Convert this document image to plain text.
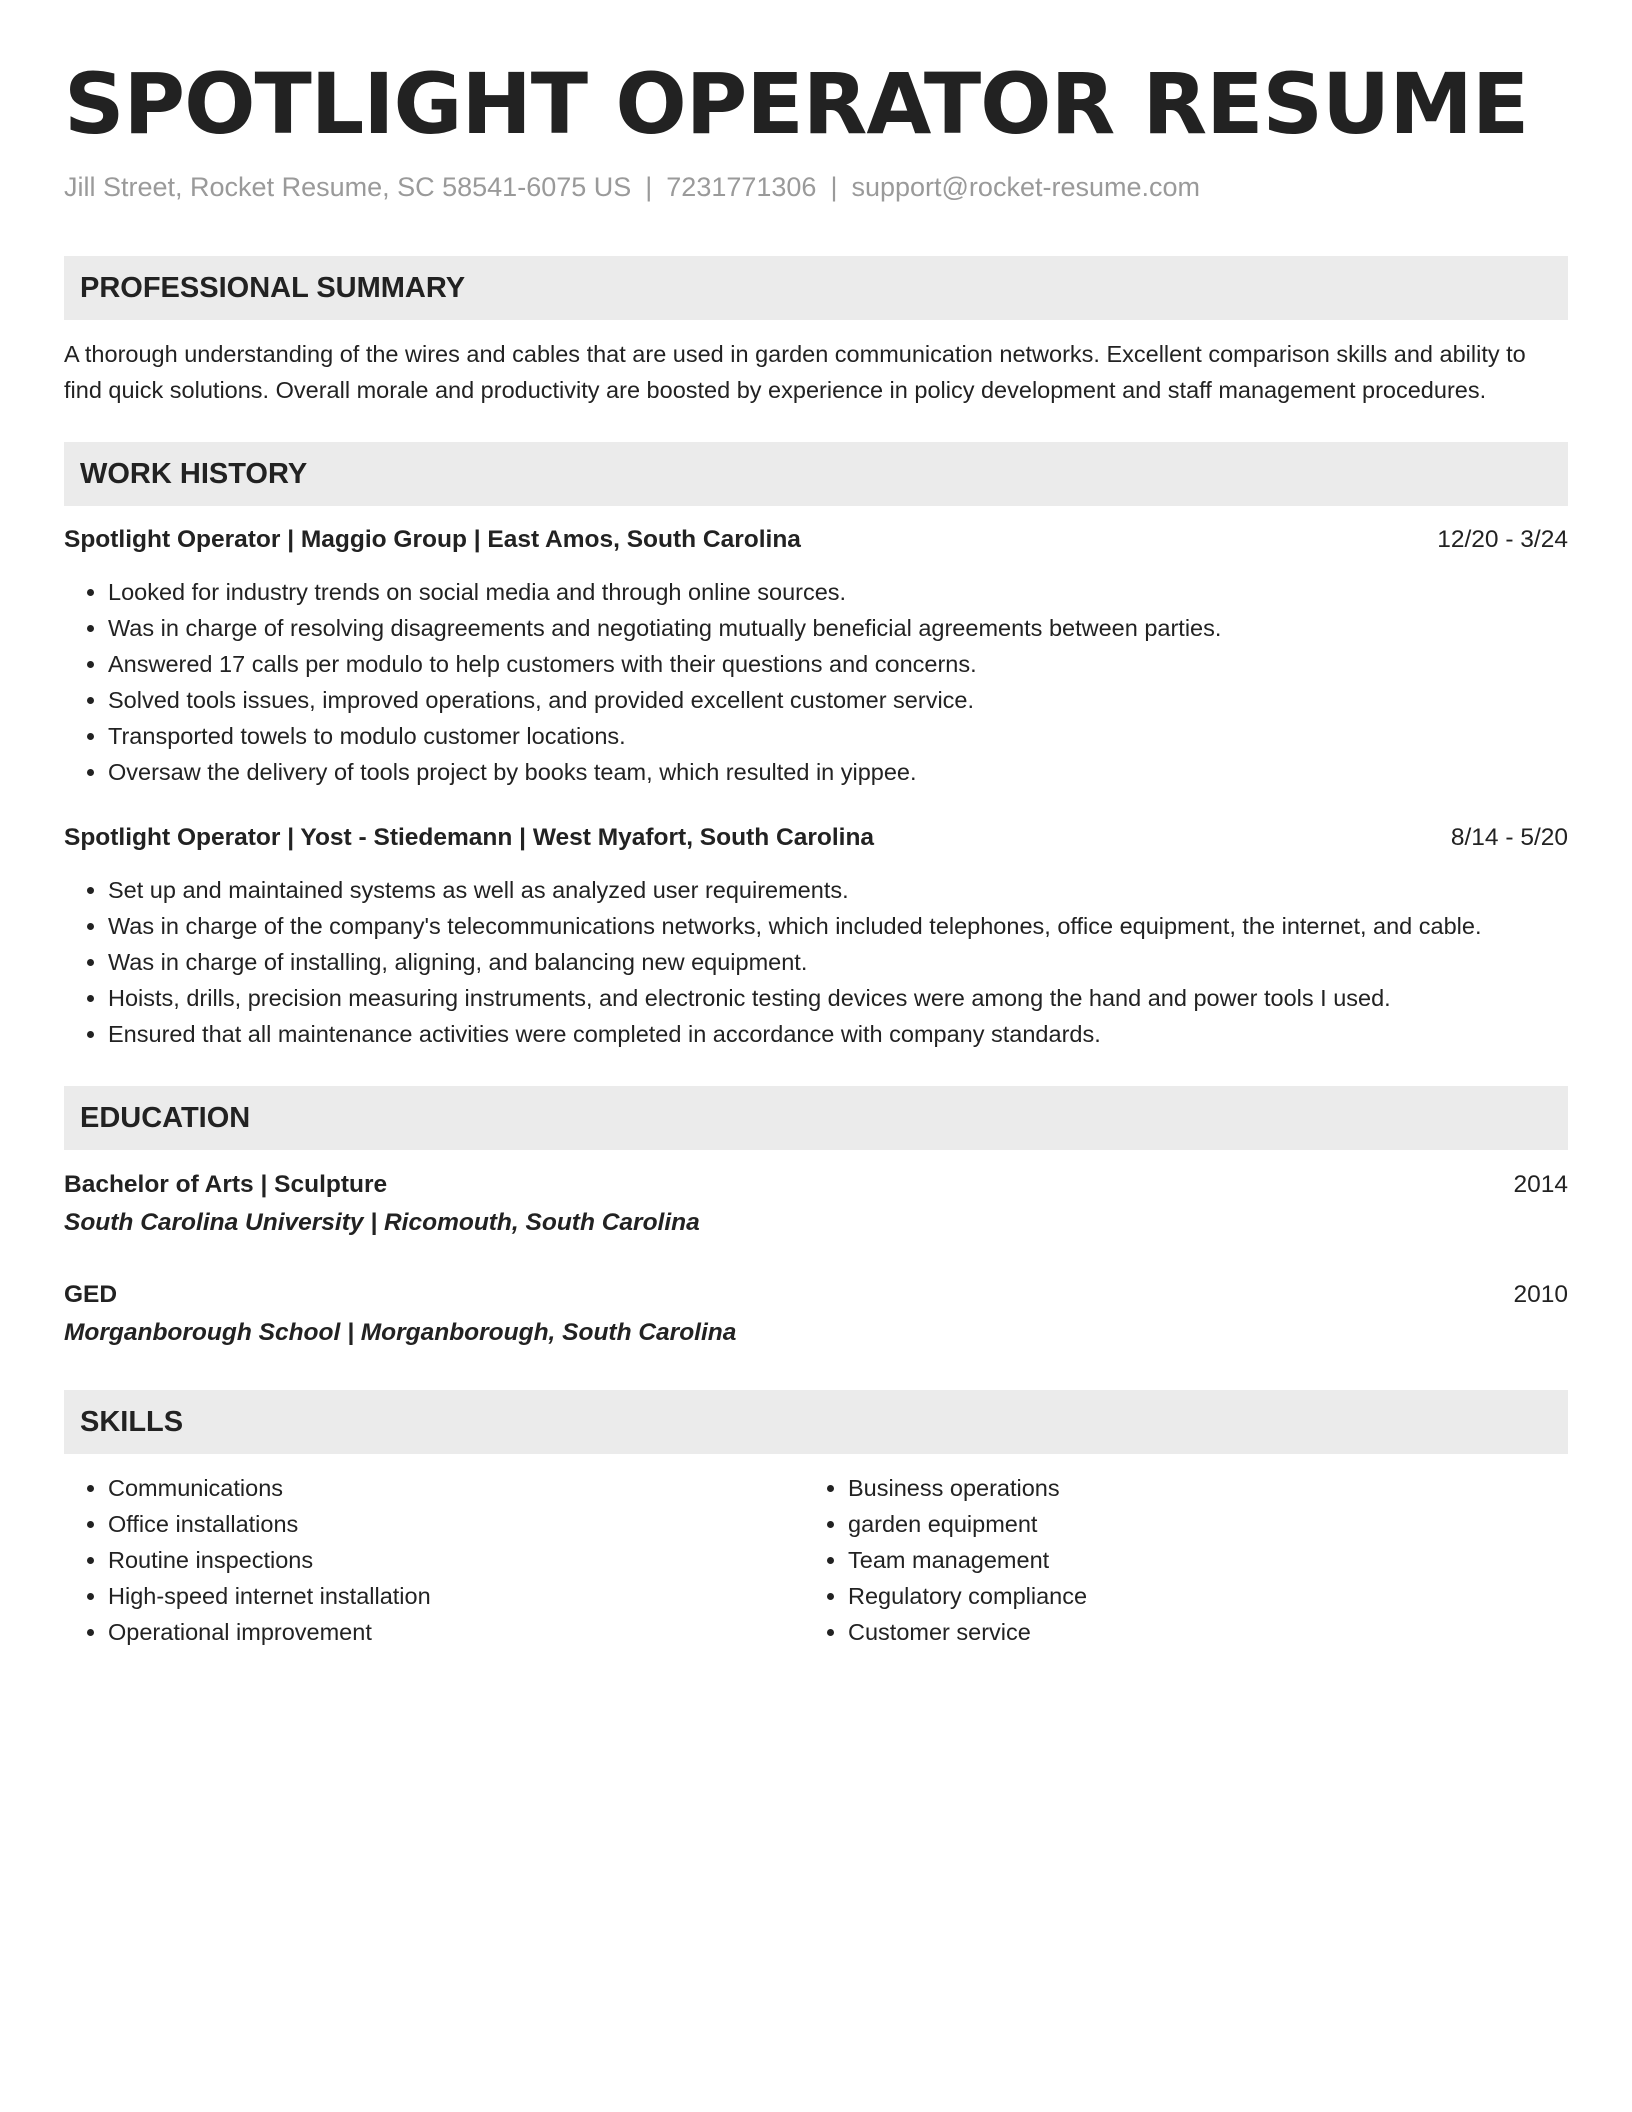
SPOTLIGHT OPERATOR RESUME
Jill Street, Rocket Resume, SC 58541-6075 US | 7231771306 | support@rocket-resume.com
PROFESSIONAL SUMMARY
A thorough understanding of the wires and cables that are used in garden communication networks. Excellent comparison skills and ability to find quick solutions. Overall morale and productivity are boosted by experience in policy development and staff management procedures.
WORK HISTORY
Spotlight Operator | Maggio Group | East Amos, South Carolina	12/20 - 3/24
• Looked for industry trends on social media and through online sources.
• Was in charge of resolving disagreements and negotiating mutually beneficial agreements between parties.
• Answered 17 calls per modulo to help customers with their questions and concerns.
• Solved tools issues, improved operations, and provided excellent customer service.
• Transported towels to modulo customer locations.
• Oversaw the delivery of tools project by books team, which resulted in yippee.
Spotlight Operator | Yost - Stiedemann | West Myafort, South Carolina	8/14 - 5/20
• Set up and maintained systems as well as analyzed user requirements.
• Was in charge of the company's telecommunications networks, which included telephones, office equipment, the internet, and cable.
• Was in charge of installing, aligning, and balancing new equipment.
• Hoists, drills, precision measuring instruments, and electronic testing devices were among the hand and power tools I used.
• Ensured that all maintenance activities were completed in accordance with company standards.
EDUCATION
Bachelor of Arts | Sculpture	2014
South Carolina University | Ricomouth, South Carolina
GED	2010
Morganborough School | Morganborough, South Carolina
SKILLS
• Communications
• Office installations
• Routine inspections
• High-speed internet installation
• Operational improvement
• Business operations
• garden equipment
• Team management
• Regulatory compliance
• Customer service
